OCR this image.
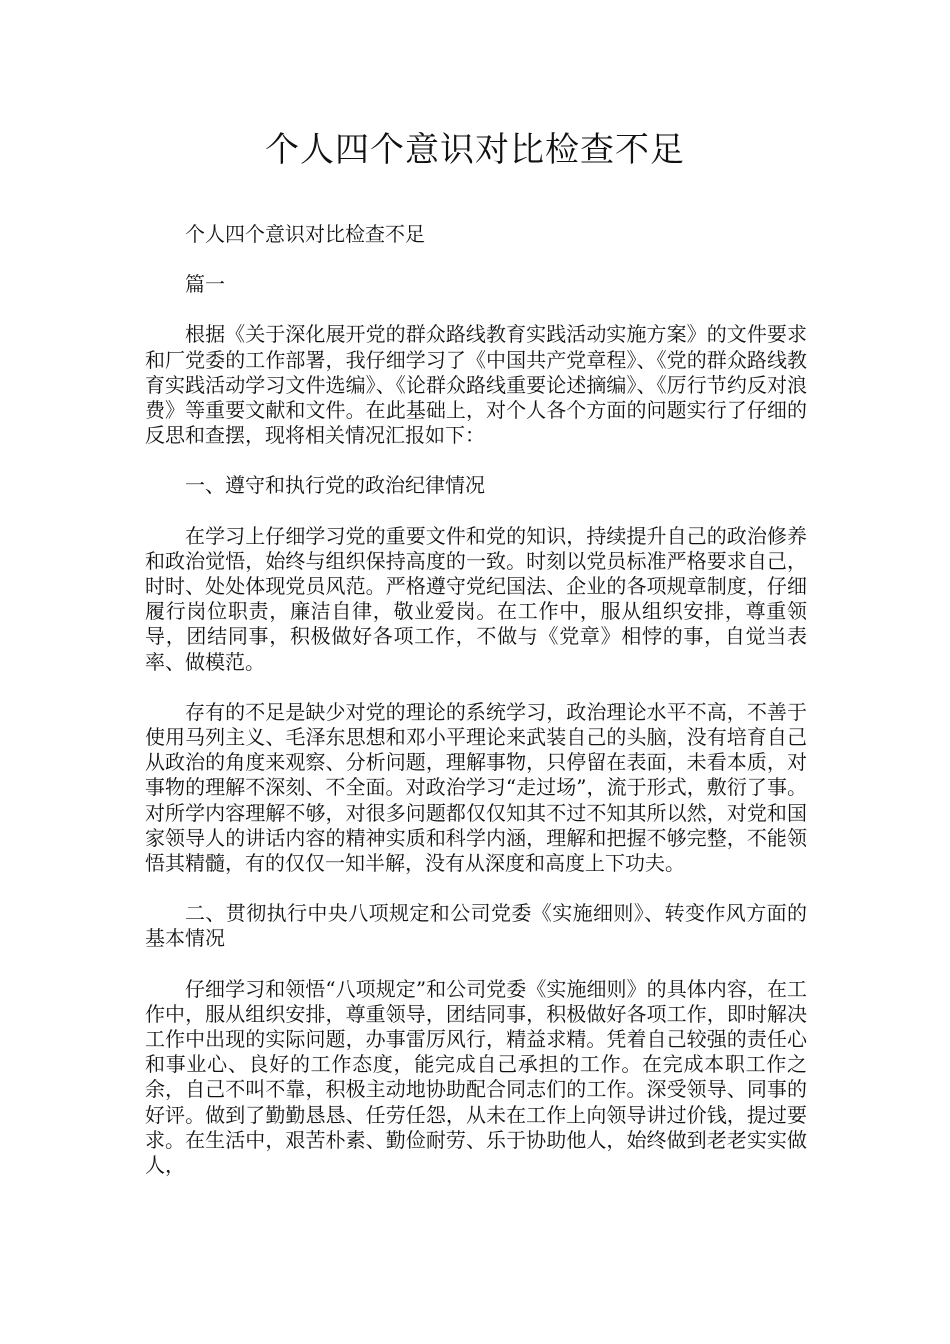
个人四个意识对比检查不足

个人四个意识对比检查不足

篇一

根据《关于深化展开党的群众路线教育实践活动实施方案》的文件要求和厂党委的工作部署，我仔细学习了《中国共产党章程》、《党的群众路线教育实践活动学习文件选编》、《论群众路线重要论述摘编》、《厉行节约反对浪费》等重要文献和文件。在此基础上，对个人各个方面的问题实行了仔细的反思和查摆，现将相关情况汇报如下：

一、遵守和执行党的政治纪律情况

在学习上仔细学习党的重要文件和党的知识，持续提升自己的政治修养和政治觉悟，始终与组织保持高度的一致。时刻以党员标准严格要求自己，时时、处处体现党员风范。严格遵守党纪国法、企业的各项规章制度，仔细履行岗位职责，廉洁自律，敬业爱岗。在工作中，服从组织安排，尊重领导，团结同事，积极做好各项工作，不做与《党章》相悖的事，自觉当表率、做模范。

存有的不足是缺少对党的理论的系统学习，政治理论水平不高，不善于使用马列主义、毛泽东思想和邓小平理论来武装自己的头脑，没有培育自己从政治的角度来观察、分析问题，理解事物，只停留在表面，未看本质，对事物的理解不深刻、不全面。对政治学习“走过场”，流于形式，敷衍了事。对所学内容理解不够，对很多问题都仅仅知其不过不知其所以然，对党和国家领导人的讲话内容的精神实质和科学内涵，理解和把握不够完整，不能领悟其精髓，有的仅仅一知半解，没有从深度和高度上下功夫。

二、贯彻执行中央八项规定和公司党委《实施细则》、转变作风方面的基本情况

仔细学习和领悟“八项规定”和公司党委《实施细则》的具体内容，在工作中，服从组织安排，尊重领导，团结同事，积极做好各项工作，即时解决工作中出现的实际问题，办事雷厉风行，精益求精。凭着自己较强的责任心和事业心、良好的工作态度，能完成自己承担的工作。在完成本职工作之余，自己不叫不靠，积极主动地协助配合同志们的工作。深受领导、同事的好评。做到了勤勤恳恳、任劳任怨，从未在工作上向领导讲过价钱，提过要求。在生活中，艰苦朴素、勤俭耐劳、乐于协助他人，始终做到老老实实做人，
